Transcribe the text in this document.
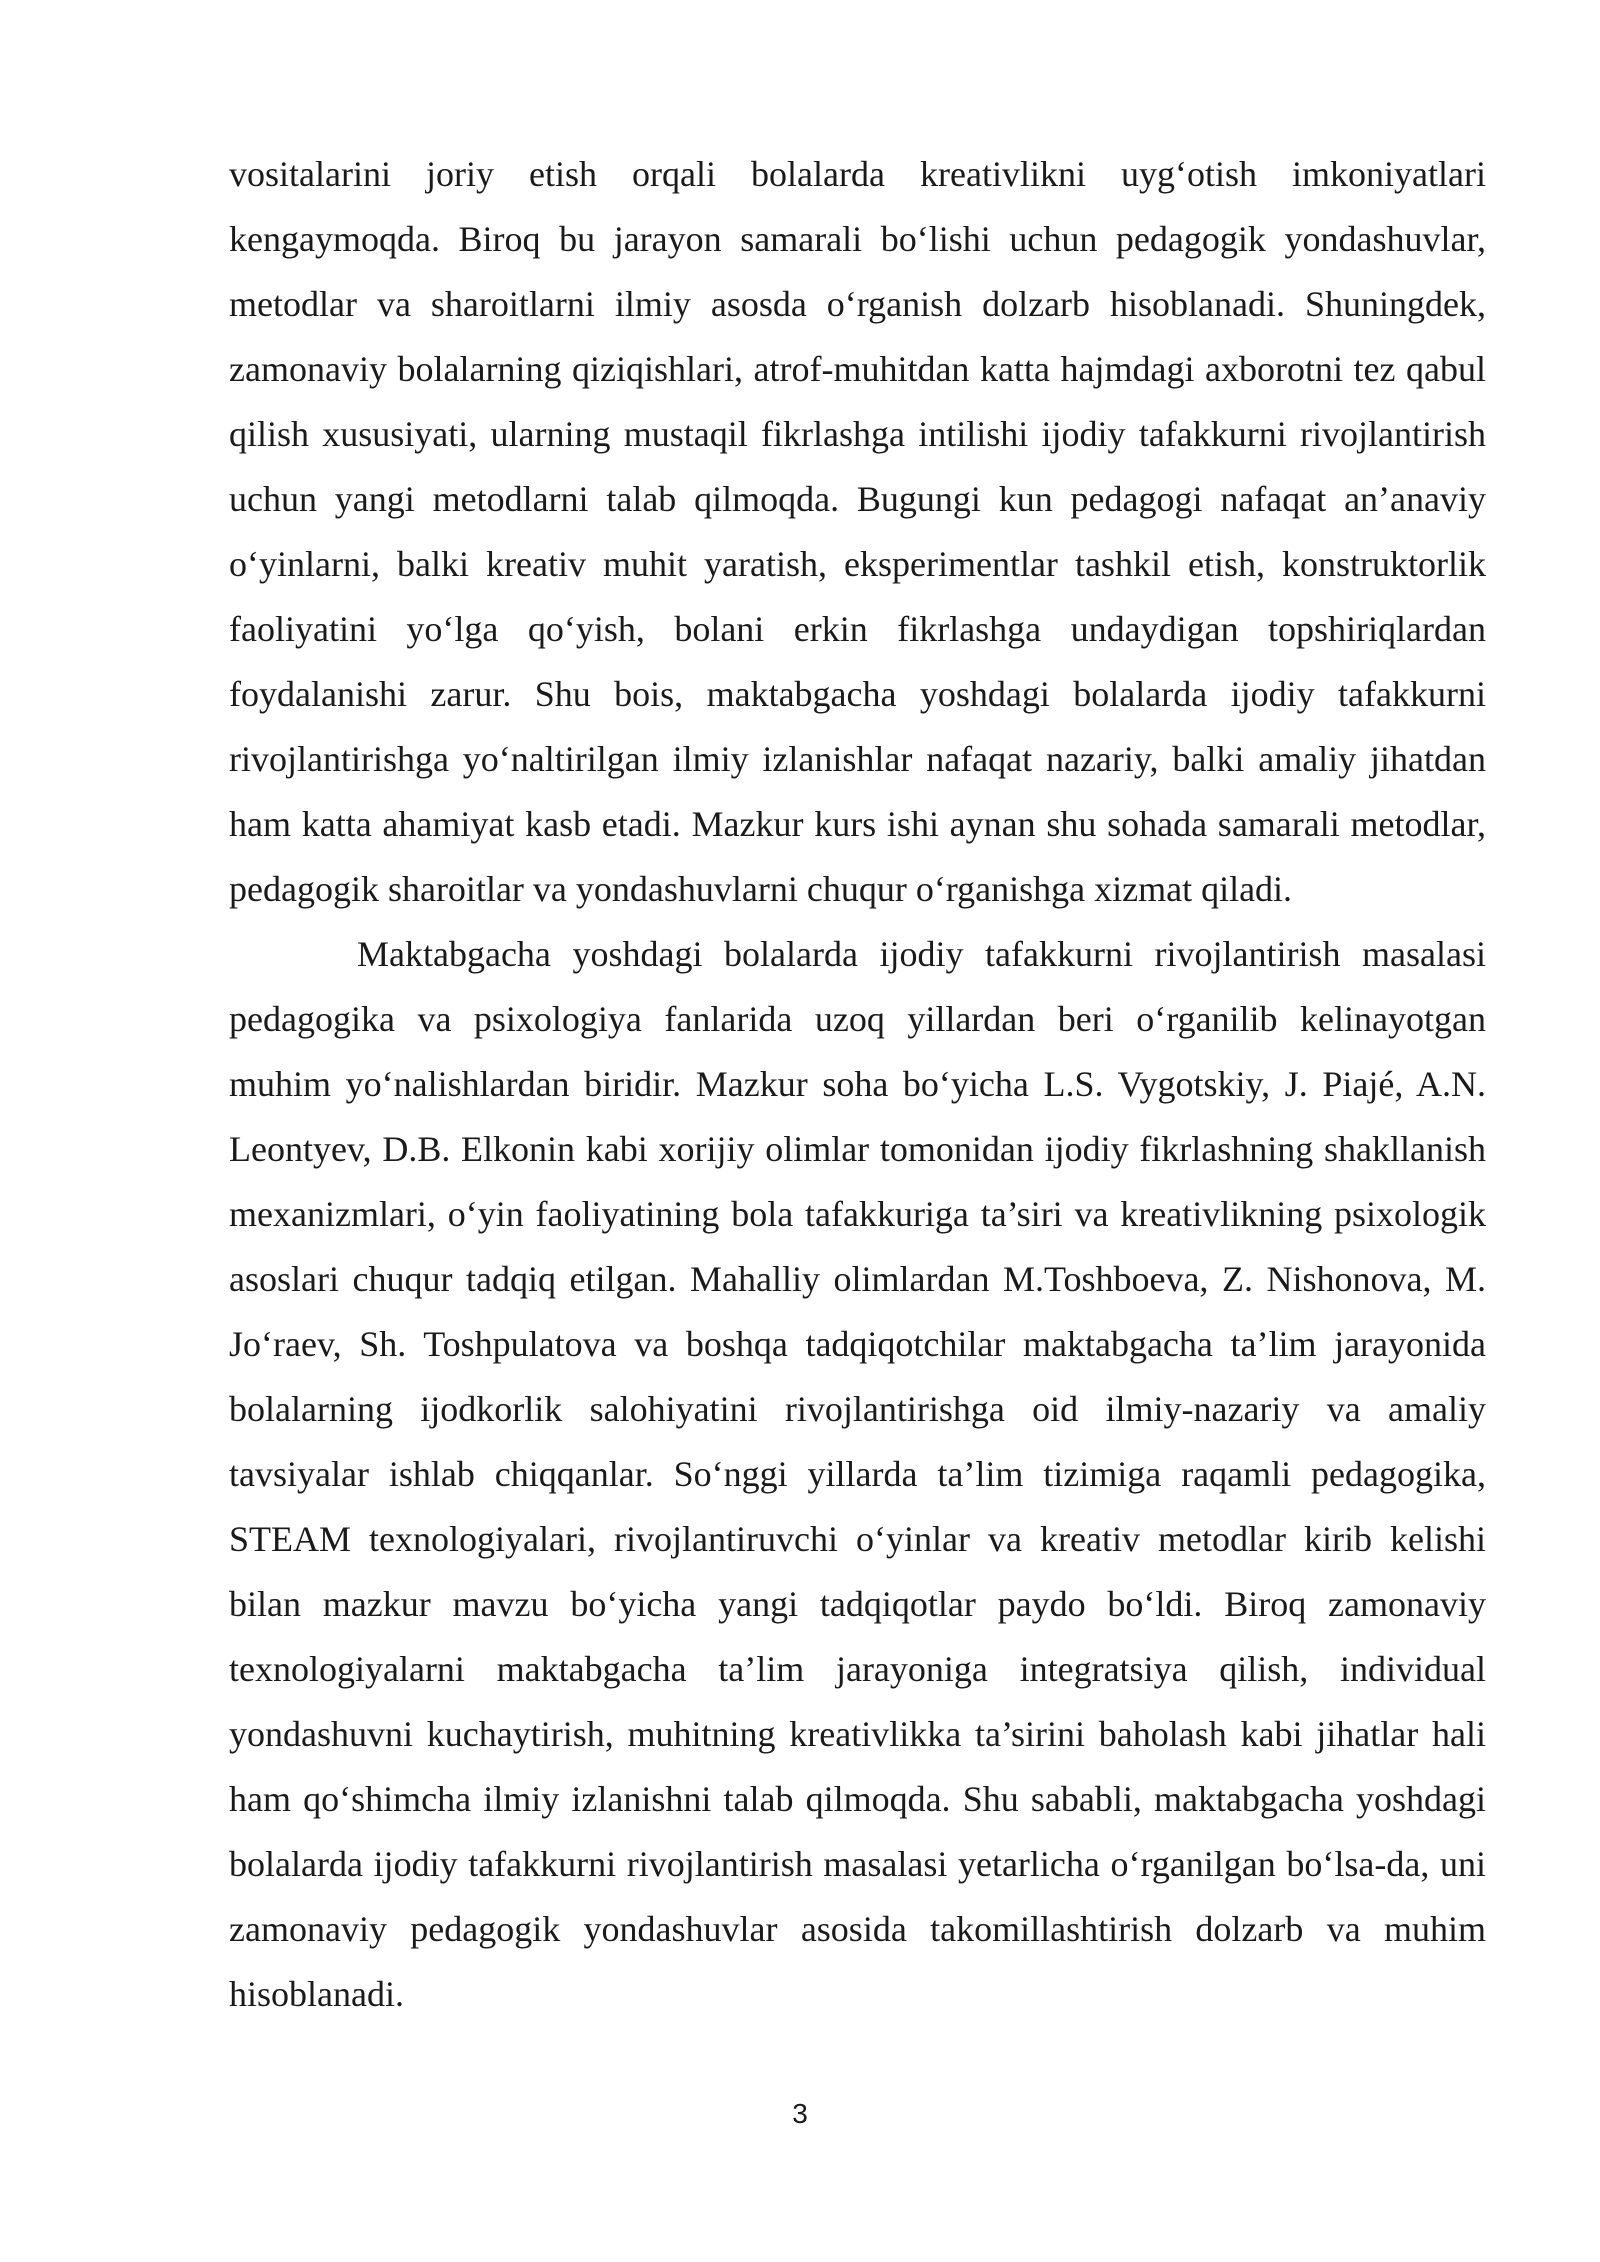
vositalarini joriy etish orqali bolalarda kreativlikni uyg‘otish imkoniyatlari kengaymoqda. Biroq bu jarayon samarali bo‘lishi uchun pedagogik yondashuvlar, metodlar va sharoitlarni ilmiy asosda o‘rganish dolzarb hisoblanadi. Shuningdek, zamonaviy bolalarning qiziqishlari, atrof-muhitdan katta hajmdagi axborotni tez qabul qilish xususiyati, ularning mustaqil fikrlashga intilishi ijodiy tafakkurni rivojlantirish uchun yangi metodlarni talab qilmoqda. Bugungi kun pedagogi nafaqat an’anaviy o‘yinlarni, balki kreativ muhit yaratish, eksperimentlar tashkil etish, konstruktorlik faoliyatini yo‘lga qo‘yish, bolani erkin fikrlashga undaydigan topshiriqlardan foydalanishi zarur. Shu bois, maktabgacha yoshdagi bolalarda ijodiy tafakkurni rivojlantirishga yo‘naltirilgan ilmiy izlanishlar nafaqat nazariy, balki amaliy jihatdan ham katta ahamiyat kasb etadi. Mazkur kurs ishi aynan shu sohada samarali metodlar, pedagogik sharoitlar va yondashuvlarni chuqur o‘rganishga xizmat qiladi.

Maktabgacha yoshdagi bolalarda ijodiy tafakkurni rivojlantirish masalasi pedagogika va psixologiya fanlarida uzoq yillardan beri o‘rganilib kelinayotgan muhim yo‘nalishlardan biridir. Mazkur soha bo‘yicha L.S. Vygotskiy, J. Piajé, A.N. Leontyev, D.B. Elkonin kabi xorijiy olimlar tomonidan ijodiy fikrlashning shakllanish mexanizmlari, o‘yin faoliyatining bola tafakkuriga ta’siri va kreativlikning psixologik asoslari chuqur tadqiq etilgan. Mahalliy olimlardan M.Toshboeva, Z. Nishonova, M. Jo‘raev, Sh. Toshpulatova va boshqa tadqiqotchilar maktabgacha ta’lim jarayonida bolalarning ijodkorlik salohiyatini rivojlantirishga oid ilmiy-nazariy va amaliy tavsiyalar ishlab chiqqanlar. So‘nggi yillarda ta’lim tizimiga raqamli pedagogika, STEAM texnologiyalari, rivojlantiruvchi o‘yinlar va kreativ metodlar kirib kelishi bilan mazkur mavzu bo‘yicha yangi tadqiqotlar paydo bo‘ldi. Biroq zamonaviy texnologiyalarni maktabgacha ta’lim jarayoniga integratsiya qilish, individual yondashuvni kuchaytirish, muhitning kreativlikka ta’sirini baholash kabi jihatlar hali ham qo‘shimcha ilmiy izlanishni talab qilmoqda. Shu sababli, maktabgacha yoshdagi bolalarda ijodiy tafakkurni rivojlantirish masalasi yetarlicha o‘rganilgan bo‘lsa-da, uni zamonaviy pedagogik yondashuvlar asosida takomillashtirish dolzarb va muhim hisoblanadi.

3
